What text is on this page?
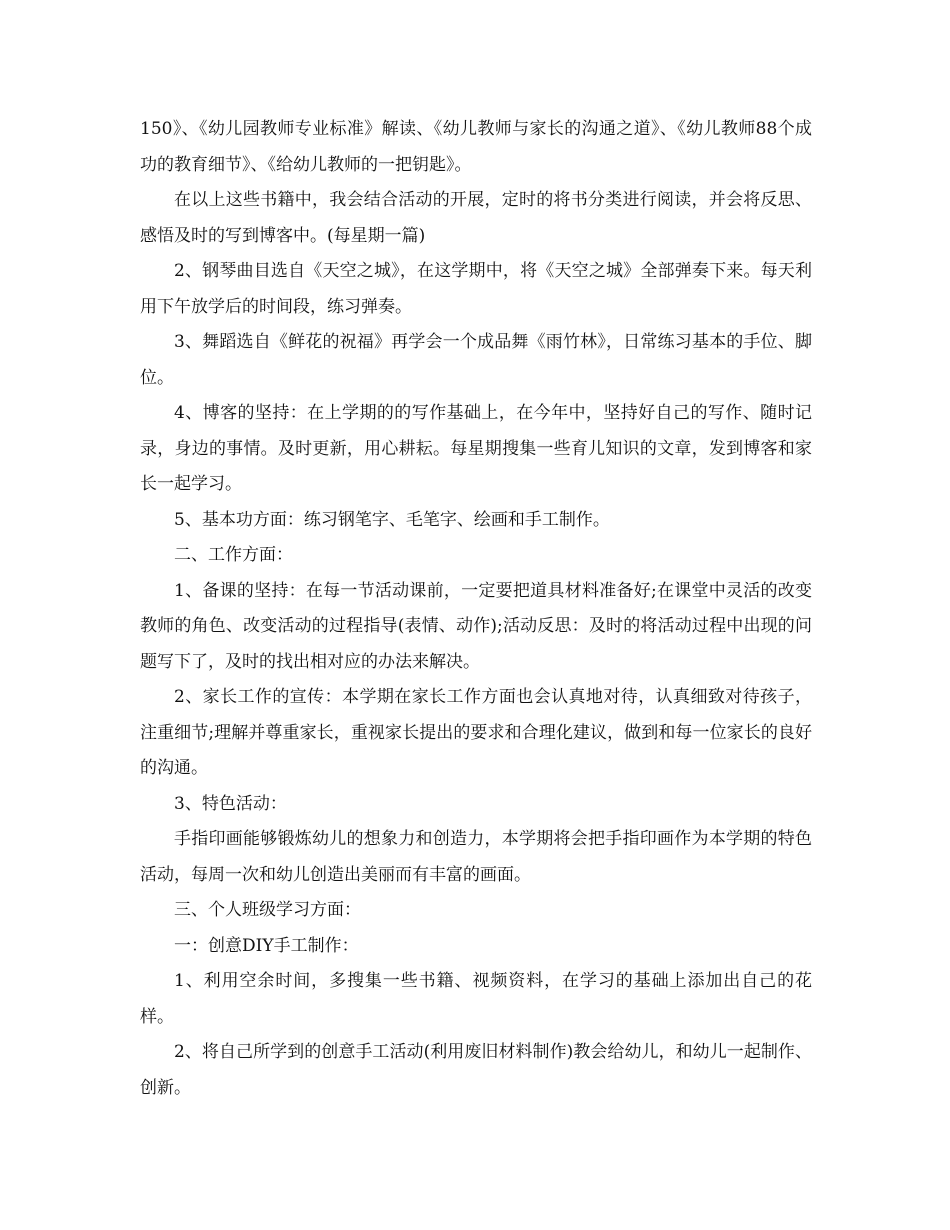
150》、《幼儿园教师专业标准》解读、《幼儿教师与家长的沟通之道》、《幼儿教师88个成功的教育细节》、《给幼儿教师的一把钥匙》。

在以上这些书籍中，我会结合活动的开展，定时的将书分类进行阅读，并会将反思、感悟及时的写到博客中。(每星期一篇)

2、钢琴曲目选自《天空之城》，在这学期中，将《天空之城》全部弹奏下来。每天利用下午放学后的时间段，练习弹奏。

3、舞蹈选自《鲜花的祝福》再学会一个成品舞《雨竹林》，日常练习基本的手位、脚位。

4、博客的坚持：在上学期的的写作基础上，在今年中，坚持好自己的写作、随时记录，身边的事情。及时更新，用心耕耘。每星期搜集一些育儿知识的文章，发到博客和家长一起学习。

5、基本功方面：练习钢笔字、毛笔字、绘画和手工制作。

二、工作方面：

1、备课的坚持：在每一节活动课前，一定要把道具材料准备好;在课堂中灵活的改变教师的角色、改变活动的过程指导(表情、动作);活动反思：及时的将活动过程中出现的问题写下了，及时的找出相对应的办法来解决。

2、家长工作的宣传：本学期在家长工作方面也会认真地对待，认真细致对待孩子，注重细节;理解并尊重家长，重视家长提出的要求和合理化建议，做到和每一位家长的良好的沟通。

3、特色活动：

手指印画能够锻炼幼儿的想象力和创造力，本学期将会把手指印画作为本学期的特色活动，每周一次和幼儿创造出美丽而有丰富的画面。

三、个人班级学习方面：

一：创意DIY手工制作：

1、利用空余时间，多搜集一些书籍、视频资料，在学习的基础上添加出自己的花样。

2、将自己所学到的创意手工活动(利用废旧材料制作)教会给幼儿，和幼儿一起制作、创新。
